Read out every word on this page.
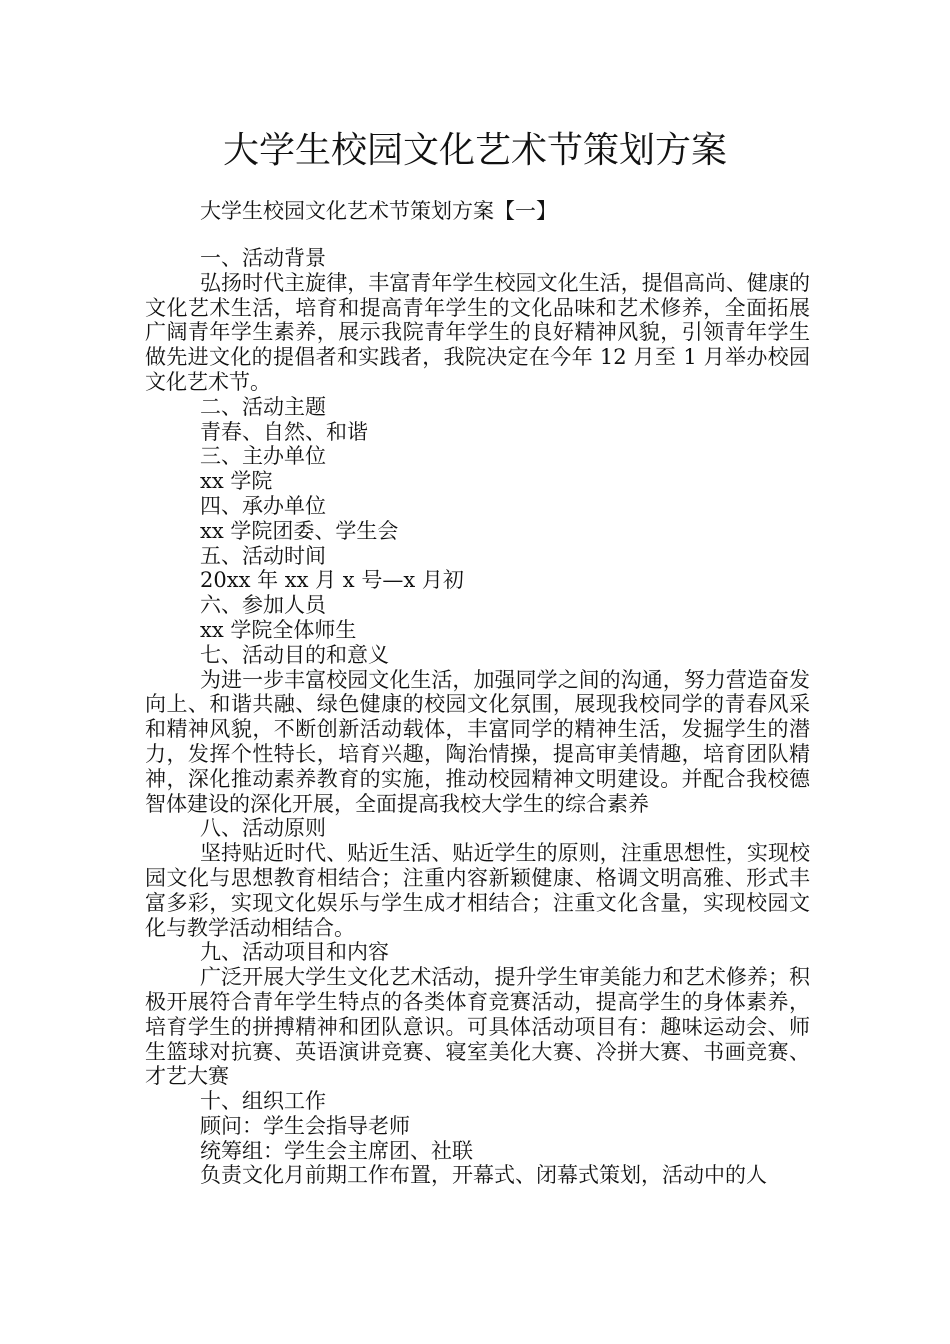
大学生校园文化艺术节策划方案

大学生校园文化艺术节策划方案【一】

一、活动背景

弘扬时代主旋律，丰富青年学生校园文化生活，提倡高尚、健康的文化艺术生活，培育和提高青年学生的文化品味和艺术修养，全面拓展广阔青年学生素养，展示我院青年学生的良好精神风貌，引领青年学生做先进文化的提倡者和实践者，我院决定在今年 12 月至 1 月举办校园文化艺术节。

二、活动主题

青春、自然、和谐

三、主办单位

xx 学院

四、承办单位

xx 学院团委、学生会

五、活动时间

20xx 年 xx 月 x 号—x 月初

六、参加人员

xx 学院全体师生

七、活动目的和意义

为进一步丰富校园文化生活，加强同学之间的沟通，努力营造奋发向上、和谐共融、绿色健康的校园文化氛围，展现我校同学的青春风采和精神风貌，不断创新活动载体，丰富同学的精神生活，发掘学生的潜力，发挥个性特长，培育兴趣，陶治情操，提高审美情趣，培育团队精神，深化推动素养教育的实施，推动校园精神文明建设。并配合我校德智体建设的深化开展，全面提高我校大学生的综合素养

八、活动原则

坚持贴近时代、贴近生活、贴近学生的原则，注重思想性，实现校园文化与思想教育相结合；注重内容新颖健康、格调文明高雅、形式丰富多彩，实现文化娱乐与学生成才相结合；注重文化含量，实现校园文化与教学活动相结合。

九、活动项目和内容

广泛开展大学生文化艺术活动，提升学生审美能力和艺术修养；积极开展符合青年学生特点的各类体育竞赛活动，提高学生的身体素养，培育学生的拼搏精神和团队意识。可具体活动项目有：趣味运动会、师生篮球对抗赛、英语演讲竞赛、寝室美化大赛、冷拼大赛、书画竞赛、才艺大赛

十、组织工作

顾问：学生会指导老师

统筹组：学生会主席团、社联

负责文化月前期工作布置，开幕式、闭幕式策划，活动中的人
